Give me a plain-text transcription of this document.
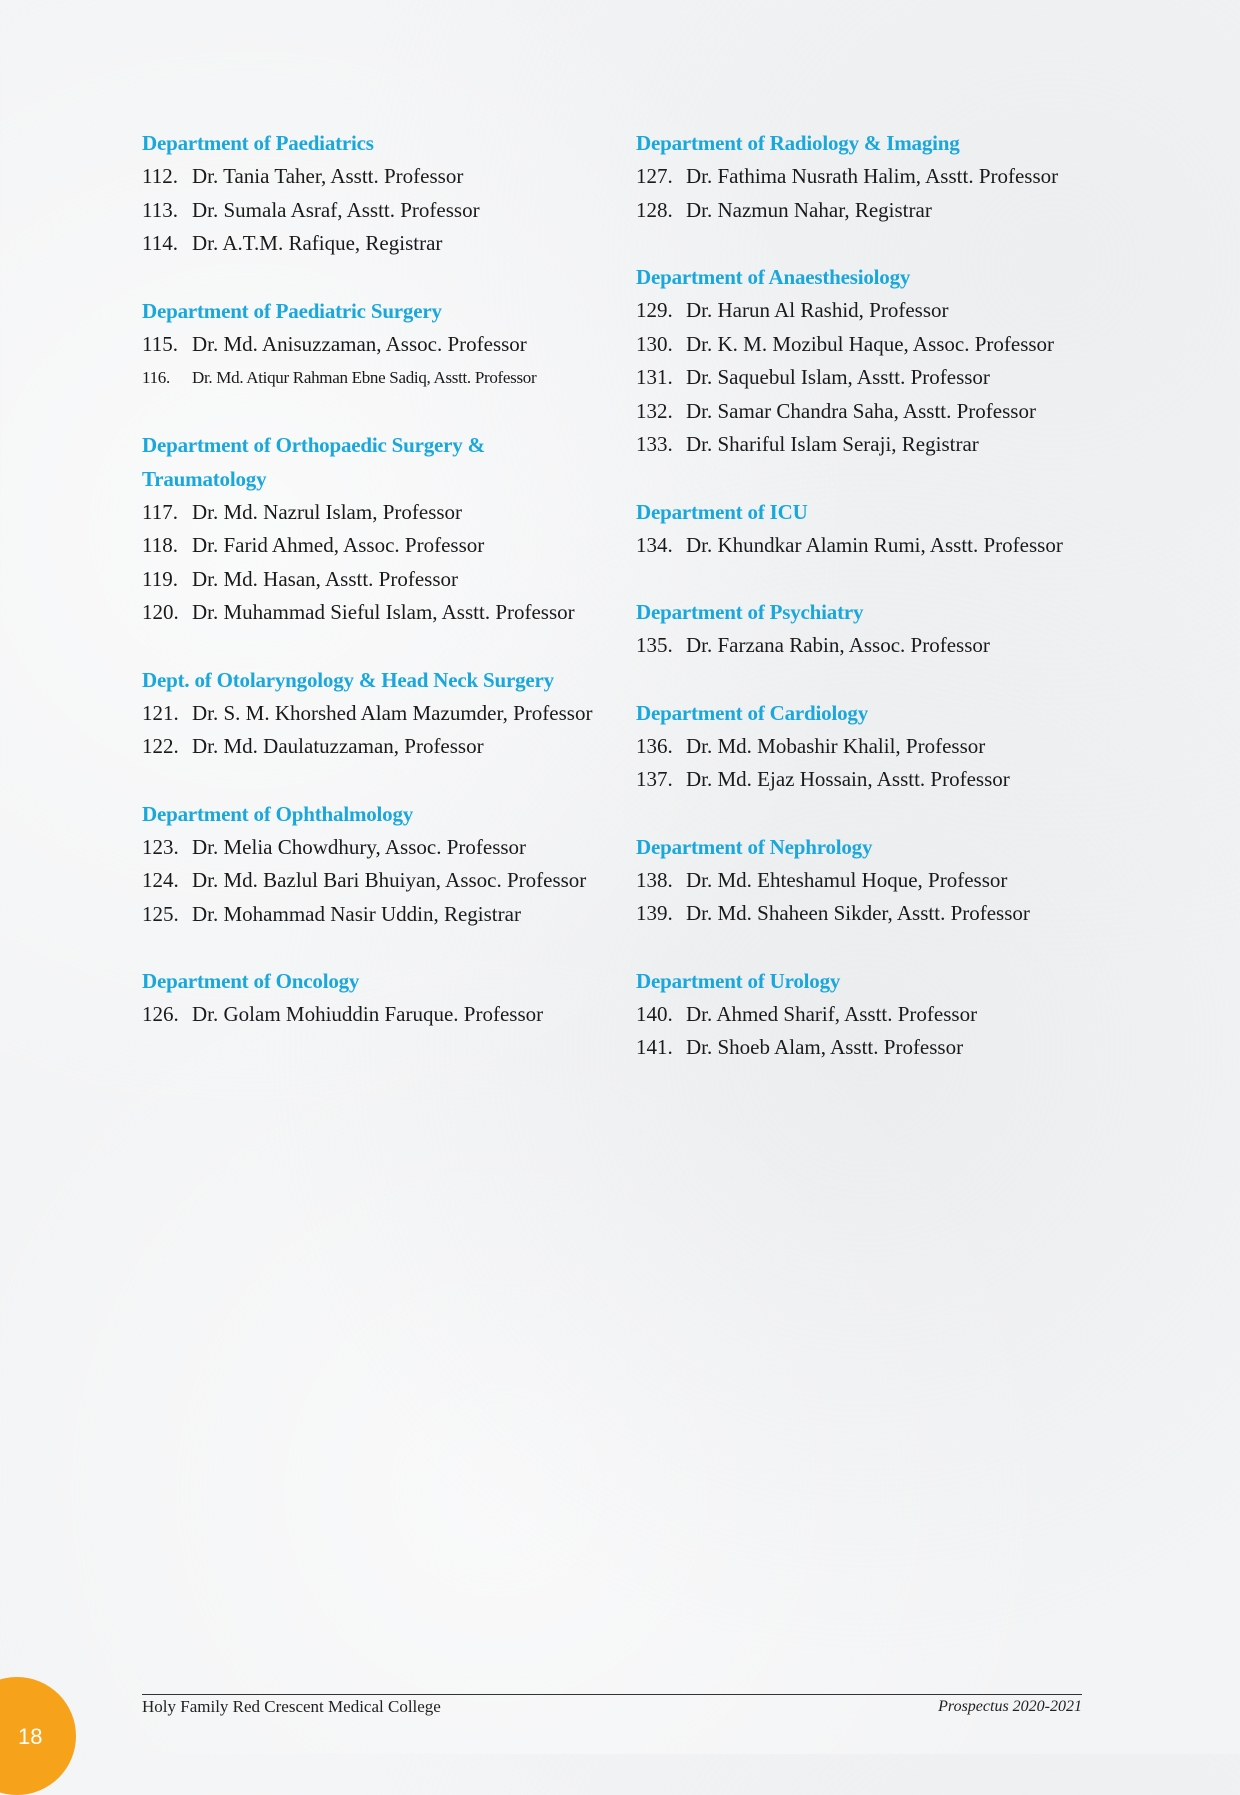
Department of Paediatrics
112. Dr. Tania Taher, Asstt. Professor
113. Dr. Sumala Asraf, Asstt. Professor
114. Dr. A.T.M. Rafique, Registrar
Department of Paediatric Surgery
115. Dr. Md. Anisuzzaman, Assoc. Professor
116.	Dr. Md. Atiqur Rahman Ebne Sadiq, Asstt. Professor
Department of Orthopaedic Surgery & Traumatology
117. Dr. Md. Nazrul Islam, Professor
118. Dr. Farid Ahmed, Assoc. Professor
119. Dr. Md. Hasan, Asstt. Professor
120. Dr. Muhammad Sieful Islam, Asstt. Professor
Dept. of Otolaryngology & Head Neck Surgery
121. Dr. S. M. Khorshed Alam Mazumder, Professor
122. Dr. Md. Daulatuzzaman, Professor
Department of Ophthalmology
123. Dr. Melia Chowdhury, Assoc. Professor
124. Dr. Md. Bazlul Bari Bhuiyan, Assoc. Professor
125. Dr. Mohammad Nasir Uddin, Registrar
Department of Oncology
126. Dr. Golam Mohiuddin Faruque. Professor
Department of Radiology & Imaging
127. Dr. Fathima Nusrath Halim, Asstt. Professor
128. Dr. Nazmun Nahar, Registrar
Department of Anaesthesiology
129. Dr. Harun Al Rashid, Professor
130. Dr. K. M. Mozibul Haque, Assoc. Professor
131. Dr. Saquebul Islam, Asstt. Professor
132. Dr. Samar Chandra Saha, Asstt. Professor
133. Dr. Shariful Islam Seraji, Registrar
Department of ICU
134. Dr. Khundkar Alamin Rumi, Asstt. Professor
Department of Psychiatry
135. Dr. Farzana Rabin, Assoc. Professor
Department of Cardiology
136. Dr. Md. Mobashir Khalil, Professor
137. Dr. Md. Ejaz Hossain, Asstt. Professor
Department of Nephrology
138. Dr. Md. Ehteshamul Hoque, Professor
139. Dr. Md. Shaheen Sikder, Asstt. Professor
Department of Urology
140. Dr. Ahmed Sharif, Asstt. Professor
141. Dr. Shoeb Alam, Asstt. Professor
Holy Family Red Crescent Medical College	Prospectus 2020-2021
18
